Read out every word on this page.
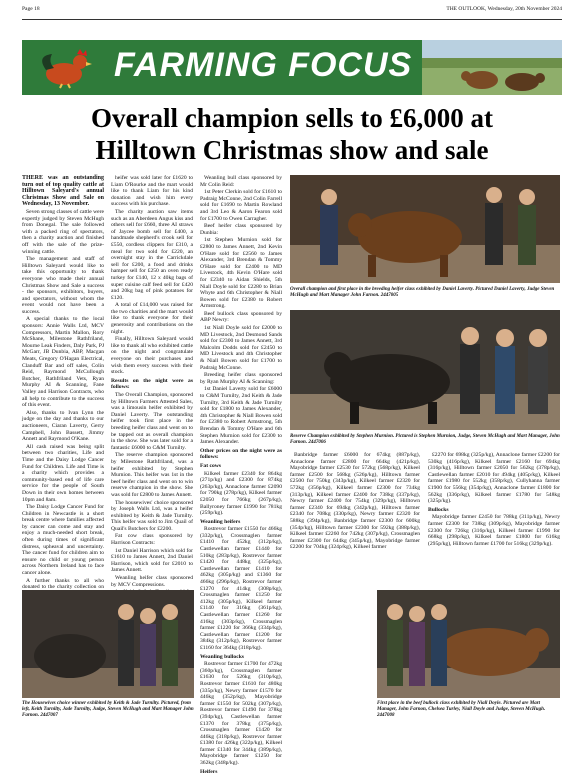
Page 18	THE OUTLOOK, Wednesday, 20th November 2024
FARMING FOCUS
Overall champion sells to £6,000 at
Hilltown Christmas show and sale

THERE was an outstanding turn out of top quality cattle at Hilltown Saleyard's annual Christmas Show and Sale on Wednesday, 13 November.

Seven strong classes of cattle were expertly judged by Steven McHugh from Donegal. The sale followed with a packed ring of spectators, then a charity auction and finished off with the sale of the prize-winning cattle.

The management and staff of Hilltown Saleyard would like to take this opportunity to thank everyone who made their annual Christmas Show and Sale a success - the sponsors, exhibitors, buyers, and spectators, without whom the event would not have been a success.

A special thanks to the local sponsors: Annie Walls Ltd, MCV Compressors, Martin Mallon, Rory McShane, Milestone Rathfriland, Mourne Leak Finders, Daly Park, PJ McGarr, JB Dunbia, ABP, Macgan Meats, Gregory O'Hagan Electrical, Clanduff Bar and off sales, Colin Reid, Raymond McCullough Butcher, Rathfriland Vets, Ryan Murphy AI & Scanning, Fane Valley and Harrison Contracts, who all help to contribute to the success of this event.

Also, thanks to Ivan Lynn the judge on the day and thanks to our auctioneers, Ciaran Laverty, Gerry Campbell, John Bassett, Jimmy Annett and Raymond O'Kane.

All cash raised was being split between two charities, Life and Time and the Daisy Lodge Cancer Fund for Children. Life and Time is a charity which provides a community-based end of life care service for the people of South Down in their own homes between 10pm and 8am.

The Daisy Lodge Cancer Fund for Children in Newcastle is a short break centre where families affected by cancer can come and stay and enjoy a much-needed short break, often during times of significant distress, upheaval and uncertainty. The cancer fund for children aim to ensure no child or young person across Northern Ireland has to face cancer alone.

A further thanks to all who donated to the charity collection on

heifer was sold later for £1620 to Liam O'Rourke and the mart would like to thank Liam for his kind donation and wish him every success with his purchase.

The charity auction saw items such as an Aberdeen Angus kiss and others sell for £660, three AI straws of Jaycee bomb sell for £400, a handmade shepherd's crook sell for £550, cordless clippers for £310, a meal for two sold for £220, an overnight stay in the Carrickdale sell for £200, a food and drinks hamper sell for £250 an oven ready turkey for £140, 12 x 40kg bags of super cuisine calf feed sell for £420 and 20kg bag of pink potatoes for £120.

A total of £14,000 was raised for the two charities and the mart would like to thank everyone for their generosity and contributions on the night.

Finally, Hilltown Saleyard would like to thank all who exhibited cattle on the night and congratulate everyone on their purchases and wish them every success with their stock.

Results on the night were as follows:

The Overall Champion, sponsored by Hilltown Farmers Attested Sales, was a limousin heifer exhibited by Daniel Laverty. The outstanding heifer took first place in the breeding heifer class and went on to be tapped out as overall champion in the show. She was later sold for a fantastic £6000 to C&M Turnilty.

The reserve champion sponsored by Milestone Rathfriland, was a heifer exhibited by Stephen Murnion. This heifer was 1st in the beef heifer class and went on to win reserve champion in the show. She was sold for £2800 to James Annett.

The housewives' choice sponsored by Joseph Walls Ltd, was a heifer exhibited by Keith & Jade Turnilty. This heifer was sold to Jim Quail of Quail's Butchers for £2200.

Fat cow class sponsored by Harrison Contracts:

1st Daniel Harrison which sold for £1610 to James Annett, 2nd Daniel Harrison, which sold for £2010 to James Annett.

Weanling heifer class sponsored by MCV Compressions.

Weanling bull class sponsored by Mr Colin Reid:

1st Peter Clerkin sold for £1610 to Padraig McConne, 2nd Colin Farrell sold for £1690 to Martin Rowland and 3rd Leo & Aaron Fearon sold for £1700 to Owen Carragher.

Beef heifer class sponsored by Dunbia:

1st Stephen Murnion sold for £2800 to James Annett, 2nd Kevin O'Hare sold for £2560 to James Alexander, 3rd Brendan & Tommy O'Hare sold for £2400 to MD Livestock, 4th Kevin O'Hare sold for £2340 to Aidan Shields, 5th Niall Doyle sold for £2280 to Brian Whyte and 6th Christopher & Niall Bowen sold for £2380 to Robert Armstrong.

Beef bullock class sponsored by ABP Newry:

1st Niall Doyle sold for £2000 to MD Livestock, 2nd Desmond Sands sold for £2300 to James Annett, 3rd Malcolm Dodds sold for £2450 to MD Livestock and 4th Christopher & Niall Bowen sold for £1700 to Padraig McConne.

Breeding heifer class sponsored by Ryan Murphy AI & Scanning:

1st Daniel Laverty sold for £6000 to C&M Turnilty, 2nd Keith & Jade Turnilty, 3rd Keith & Jade Turnilty sold for £1800 to James Alexander, 4th Christopher & Niall Bowen sold for £2380 to Robert Armstrong, 5th Brendan & Tommy O'Hare and 6th Stephen Murnion sold for £2300 to James Alexander.

Other prices on the night were as follows:

Fat cows

Kilkeel farmer £2340 for 864kg (271p/kg) and £2300 for 874kg (263p/kg), Annaclone farmer £2090 for 790kg (278p/kg), Kilkeel farmer £2050 for 766kg (267p/kg), Ballyroney farmer £1990 for 781kg (259p/kg).

Weanling heifers

Rostrevor farmer £1550 for 466kg (332p/kg), Crossmaglen farmer £1410 for 452kg (312p/kg), Castlewellan farmer £1440 for 510kg (283p/kg), Rostrevor farmer £1420 for 448kg (325p/kg), Castlewellan farmer £1410 for 462kg (305p/kg) and £1360 for 466kg (296p/kg), Rostrevor farmer £1270 for 414kg (308p/kg), Crossmaglen farmer £1250 for 412kg (305p/kg), Kilkeel farmer £1140 for 316kg (361p/kg), Castlewellan farmer £1260 for 416kg (303p/kg), Crossmaglen farmer £1220 for 366kg (334p/kg), Castlewellan farmer £1200 for 384kg (312p/kg), Rostrevor farmer £1160 for 364kg (318p/kg).

Weanling bullocks

Rostrevor farmer £1700 for 472kg (360p/kg), Crossmaglen farmer £1630 for 526kg (310p/kg), Rostrevor farmer £1610 for 480kg (335p/kg), Newry farmer £1570 for 446kg (352p/kg), Mayobridge farmer £1550 for 502kg (307p/kg), Rostrevor farmer £1490 for 378kg (394p/kg), Castlewellan farmer £1370 for 378kg (375p/kg), Crossmaglen farmer £1420 for 446kg (318p/kg), Rostrevor farmer £1380 for 426kg (322p/kg), Kilkeel farmer £1340 for 344kg (389p/kg), Mayobridge farmer £1250 for 362kg (348p/kg).

Heifers

Overall champion and first place in the breeding heifer class exhibited by Daniel Laverty. Pictured Daniel Laverty, Judge Steven McHugh and Mart Manager John Farnon. 2447005
Reserve Champion exhibited by Stephen Murnion. Pictured is Stephen Murnion, Judge, Steven McHugh and Mart Manager, John Farnon. 2447006

Banbridge farmer £6000 for 674kg (887p/kg), Annaclone farmer £2800 for 664kg (421p/kg), Mayobridge farmer £2530 for 572kg (568p/kg), Kilkeel farmer £2500 for 568kg (526p/kg), Hilltown farmer £2500 for 750kg (343p/kg), Kilkeel farmer £2320 for 572kg (356p/kg), Kilkeel farmer £2300 for 734kg (313p/kg), Kilkeel farmer £2400 for 738kg (337p/kg), Newry farmer £2400 for 754kg (329p/kg), Hilltown farmer £2340 for 694kg (342p/kg), Hilltown farmer £2340 for 708kg (330p/kg), Newry farmer £2320 for 588kg (394p/kg), Banbridge farmer £2300 for 600kg (354p/kg), Hilltown farmer £2300 for 592kg (388p/kg), Kilkeel farmer £2260 for 742kg (307p/kg), Crossmaglen farmer £2300 for 644kg (345p/kg), Mayobridge farmer £2200 for 704kg (324p/kg), Kilkeel farmer

£2270 for 698kg (325p/kg), Annaclone farmer £2200 for 530kg (416p/kg), Kilkeel farmer £2160 for 694kg (316p/kg), Hilltown farmer £2050 for 562kg (378p/kg), Castlewellan farmer £2010 for 494kg (405p/kg), Kilkeel farmer £1980 for 552kg (358p/kg), Cullyhanna farmer £1900 for 556kg (354p/kg), Annaclone farmer £1800 for 562kg (336p/kg), Kilkeel farmer £1780 for 548kg (325p/kg).

Bullocks

Mayobridge farmer £2450 for 788kg (311p/kg), Newry farmer £2300 for 738kg (309p/kg), Mayobridge farmer £2300 for 726kg (316p/kg), Kilkeel farmer £1990 for 668kg (298p/kg), Kilkeel farmer £1800 for 616kg (295p/kg), Hilltown farmer £1700 for 516kg (329p/kg).

The Housewives choice winner exhibited by Keith & Jade Turnilty. Pictured, from left, Keith Turnilty, Jade Turnilty, Judge, Steven McHugh and Mart Manager John Farnon. 2447007
First place in the beef bullock class exhibited by Niall Doyle. Pictured are Mart Manager, John Farnon, Chelsea Turley, Niall Doyle and Judge, Steven McHugh. 2447008
